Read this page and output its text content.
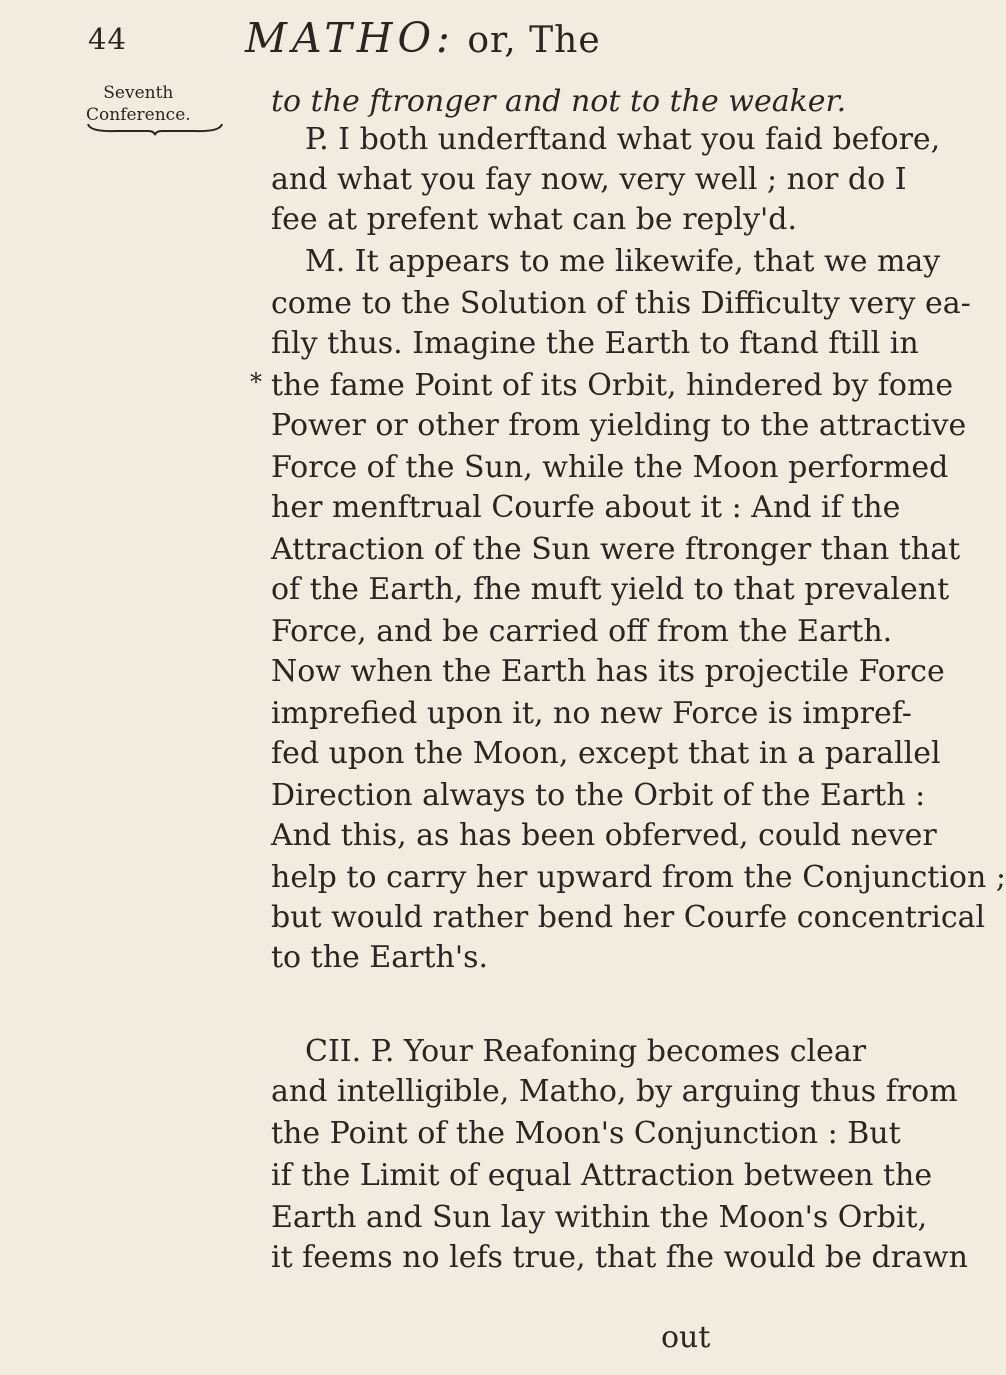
44	MATHO: or, The
Seventh
Conference.
*
to the ftronger and not to the weaker.
P. I both underftand what you faid before,
and what you fay now, very well ; nor do I
fee at prefent what can be reply'd.
M. It appears to me likewife, that we may
come to the Solution of this Difficulty very ea-
fily thus. Imagine the Earth to ftand ftill in
the fame Point of its Orbit, hindered by fome
Power or other from yielding to the attractive
Force of the Sun, while the Moon performed
her menftrual Courfe about it : And if the
Attraction of the Sun were ftronger than that
of the Earth, fhe muft yield to that prevalent
Force, and be carried off from the Earth.
Now when the Earth has its projectile Force
imprefied upon it, no new Force is impref-
fed upon the Moon, except that in a parallel
Direction always to the Orbit of the Earth :
And this, as has been obferved, could never
help to carry her upward from the Conjunction ;
but would rather bend her Courfe concentrical
to the Earth's.
CII. P. Your Reafoning becomes clear
and intelligible, Matho, by arguing thus from
the Point of the Moon's Conjunction : But
if the Limit of equal Attraction between the
Earth and Sun lay within the Moon's Orbit,
it feems no lefs true, that fhe would be drawn
out
